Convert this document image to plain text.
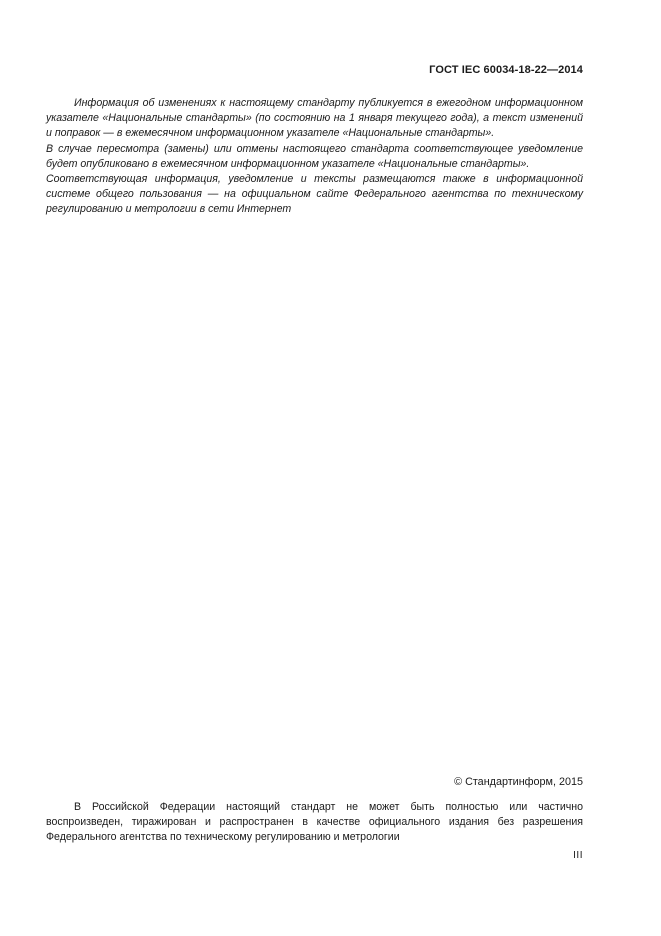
ГОСТ IEC 60034-18-22—2014

Информация об изменениях к настоящему стандарту публикуется в ежегодном информационном указателе «Национальные стандарты» (по состоянию на 1 января текущего года), а текст изменений и поправок — в ежемесячном информационном указателе «Национальные стандарты».

В случае пересмотра (замены) или отмены настоящего стандарта соответствующее уведомление будет опубликовано в ежемесячном информационном указателе «Национальные стандарты».

Соответствующая информация, уведомление и тексты размещаются также в информационной системе общего пользования — на официальном сайте Федерального агентства по техническому регулированию и метрологии в сети Интернет

© Стандартинформ, 2015

В Российской Федерации настоящий стандарт не может быть полностью или частично воспроизведен, тиражирован и распространен в качестве официального издания без разрешения Федерального агентства по техническому регулированию и метрологии

III
